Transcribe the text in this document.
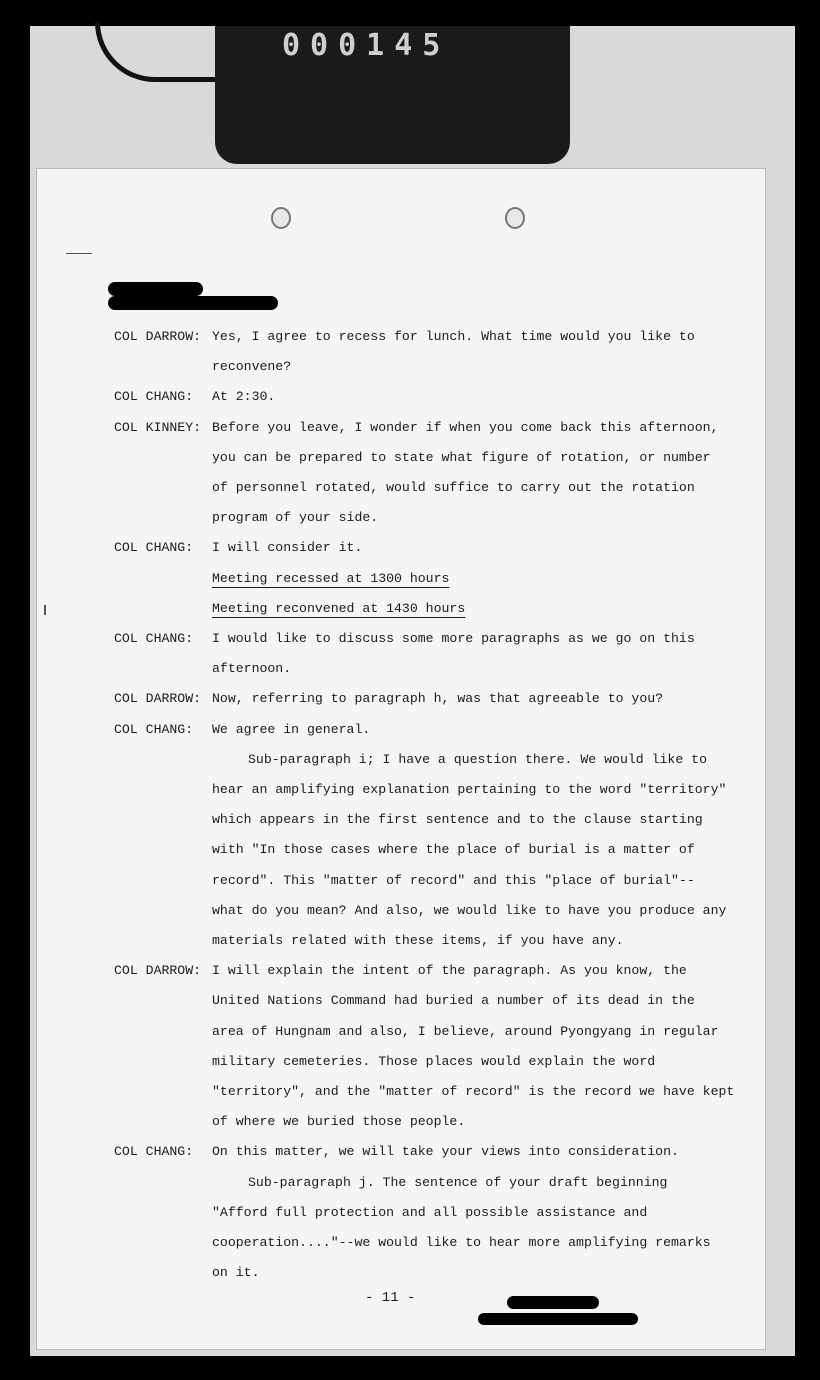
000145
COL DARROW: Yes, I agree to recess for lunch. What time would you like to
reconvene?
COL CHANG:	At 2:30.
COL KINNEY: Before you leave, I wonder if when you come back this afternoon,
you can be prepared to state what figure of rotation, or number
of personnel rotated, would suffice to carry out the rotation
program of your side.
COL CHANG:	I will consider it.
Meeting recessed at 1300 hours
Meeting reconvened at 1430 hours
COL CHANG:	I would like to discuss some more paragraphs as we go on this
afternoon.
COL DARROW: Now, referring to paragraph h, was that agreeable to you?
COL CHANG:	We agree in general.
Sub-paragraph i; I have a question there. We would like to
hear an amplifying explanation pertaining to the word "territory"
which appears in the first sentence and to the clause starting
with "In those cases where the place of burial is a matter of
record". This "matter of record" and this "place of burial"--
what do you mean? And also, we would like to have you produce any
materials related with these items, if you have any.
COL DARROW: I will explain the intent of the paragraph. As you know, the
United Nations Command had buried a number of its dead in the
area of Hungnam and also, I believe, around Pyongyang in regular
military cemeteries. Those places would explain the word
"territory", and the "matter of record" is the record we have kept
of where we buried those people.
COL CHANG:	On this matter, we will take your views into consideration.
Sub-paragraph j. The sentence of your draft beginning
"Afford full protection and all possible assistance and
cooperation...."--we would like to hear more amplifying remarks
on it.
- 11 -
